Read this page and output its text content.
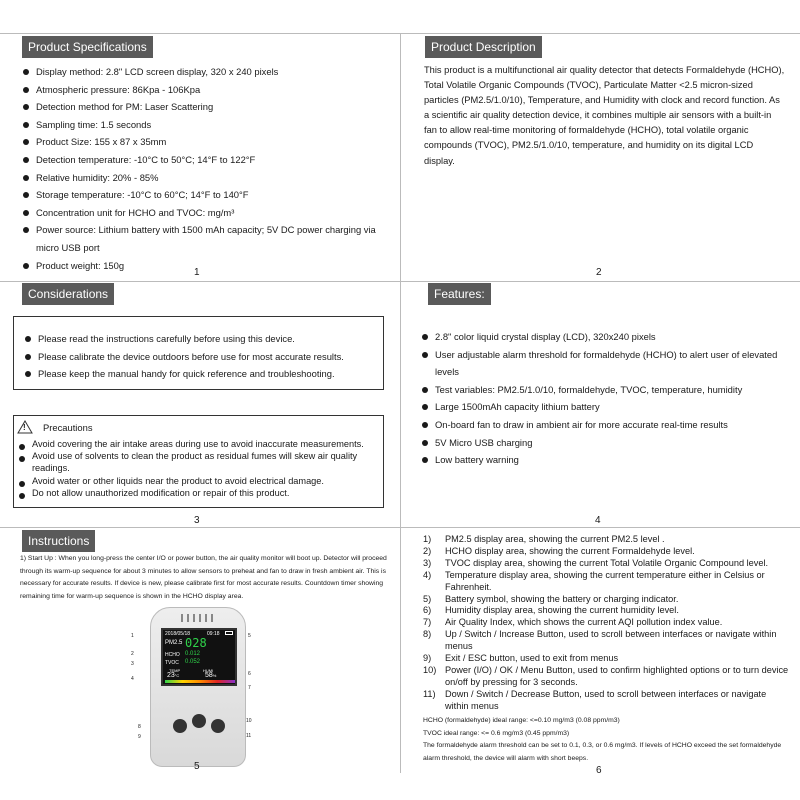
Product Specifications
Display method: 2.8" LCD screen display, 320 x 240 pixels
Atmospheric pressure: 86Kpa - 106Kpa
Detection method for PM: Laser Scattering
Sampling time: 1.5 seconds
Product Size: 155 x 87 x 35mm
Detection temperature: -10°C to 50°C; 14°F to 122°F
Relative humidity: 20% - 85%
Storage temperature: -10°C to 60°C; 14°F to 140°F
Concentration unit for HCHO and TVOC: mg/m³
Power source: Lithium battery with 1500 mAh capacity; 5V DC power charging via micro USB port
Product weight: 150g
1
Product Description
This product is a multifunctional air quality detector that detects Formaldehyde (HCHO), Total Volatile Organic Compounds (TVOC), Particulate Matter <2.5 micron-sized particles (PM2.5/1.0/10), Temperature, and Humidity with clock and record function. As a scientific air quality detection device, it combines multiple air sensors with a built-in fan to allow real-time monitoring of formaldehyde (HCHO), total volatile organic compounds (TVOC), PM2.5/1.0/10, temperature, and humidity on its digital LCD display.
2
Considerations
Please read the instructions carefully before using this device.
Please calibrate the device outdoors before use for most accurate results.
Please keep the manual handy for quick reference and troubleshooting.
! Precautions
Avoid covering the air intake areas during use to avoid inaccurate measurements.
Avoid use of solvents to clean the product as residual fumes will skew air quality readings.
Avoid water or other liquids near the product to avoid electrical damage.
Do not allow unauthorized modification or repair of this product.
3
Features:
2.8" color liquid crystal display (LCD), 320x240 pixels
User adjustable alarm threshold for formaldehyde (HCHO) to alert user of elevated levels
Test variables: PM2.5/1.0/10, formaldehyde, TVOC, temperature, humidity
Large 1500mAh capacity lithium battery
On-board fan to draw in ambient air for more accurate real-time results
5V Micro USB charging
Low battery warning
4
Instructions
1) Start Up : When you long-press the center I/O or power button, the air quality monitor will boot up. Detector will proceed through its warm-up sequence for about 3 minutes to allow sensors to preheat and fan to draw in fresh ambient air. This is necessary for accurate results. If device is new, please calibrate first for most accurate results. Countdown timer showing remaining time for warm-up sequence is shown in the HCHO display area.
2018/05/18	09:18
PM2.5 028
HCHO 0.012
TVOC 0.052
TEMP	HUMI
23°C	58%
1
2
3
4
5
6
7
8
9
10
11
5
1)	PM2.5 display area, showing the current PM2.5 level .
2)	HCHO display area, showing the current Formaldehyde level.
3)	TVOC display area, showing the current Total Volatile Organic Compound level.
4)	Temperature display area, showing the current temperature either in Celsius or Fahrenheit.
5)	Battery symbol, showing the battery or charging indicator.
6)	Humidity display area, showing the current humidity level.
7)	Air Quality Index, which shows the current AQI pollution index value.
8)	Up / Switch / Increase Button, used to scroll between interfaces or navigate within menus
9)	Exit / ESC button, used to exit from menus
10) Power (I/O) / OK / Menu Button, used to confirm highlighted options or to turn device on/off by pressing for 3 seconds.
11)	Down / Switch / Decrease Button, used to scroll between interfaces or navigate within menus
HCHO (formaldehyde) ideal range: <=0.10 mg/m3 (0.08 ppm/m3)
TVOC ideal range: <= 0.6 mg/m3 (0.45 ppm/m3)
The formaldehyde alarm threshold can be set to 0.1, 0.3, or 0.6 mg/m3. If levels of HCHO exceed the set formaldehyde alarm threshold, the device will alarm with short beeps.
6
